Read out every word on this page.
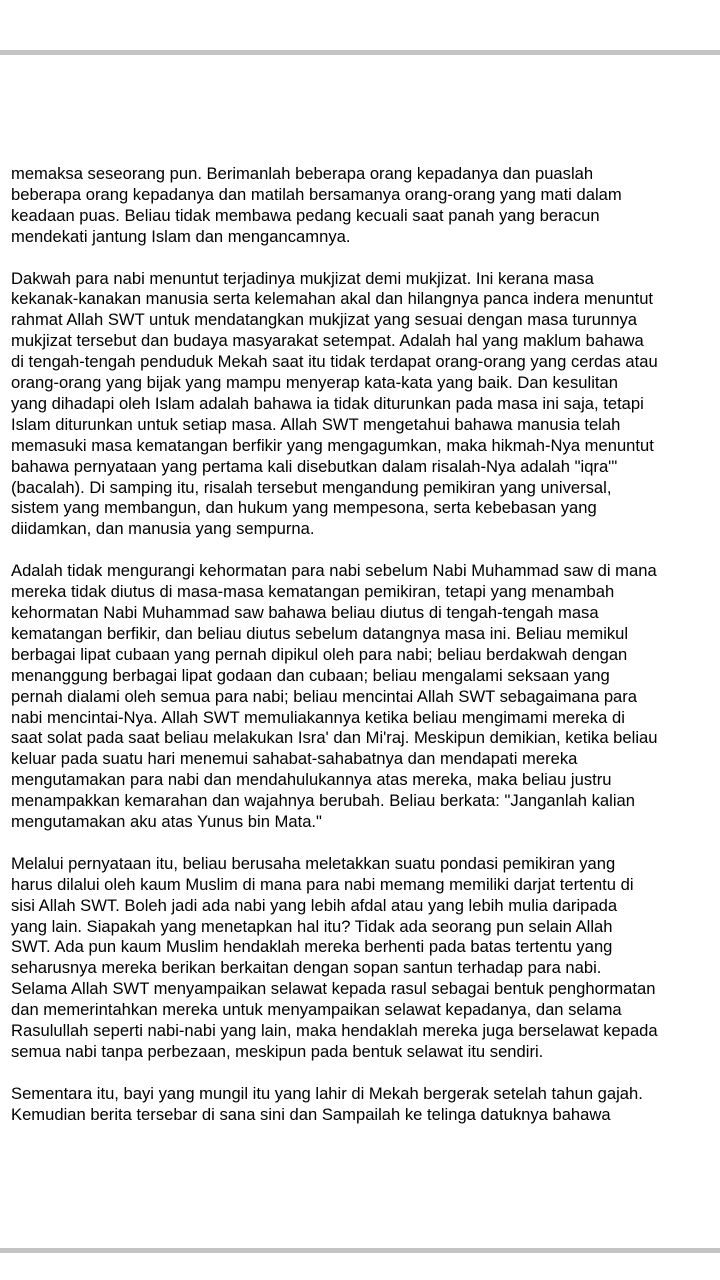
memaksa seseorang pun. Berimanlah beberapa orang kepadanya dan puaslah
beberapa orang kepadanya dan matilah bersamanya orang-orang yang mati dalam
keadaan puas. Beliau tidak membawa pedang kecuali saat panah yang beracun
mendekati jantung Islam dan mengancamnya.

Dakwah para nabi menuntut terjadinya mukjizat demi mukjizat. Ini kerana masa
kekanak-kanakan manusia serta kelemahan akal dan hilangnya panca indera menuntut
rahmat Allah SWT untuk mendatangkan mukjizat yang sesuai dengan masa turunnya
mukjizat tersebut dan budaya masyarakat setempat. Adalah hal yang maklum bahawa
di tengah-tengah penduduk Mekah saat itu tidak terdapat orang-orang yang cerdas atau
orang-orang yang bijak yang mampu menyerap kata-kata yang baik. Dan kesulitan
yang dihadapi oleh Islam adalah bahawa ia tidak diturunkan pada masa ini saja, tetapi
Islam diturunkan untuk setiap masa. Allah SWT mengetahui bahawa manusia telah
memasuki masa kematangan berfikir yang mengagumkan, maka hikmah-Nya menuntut
bahawa pernyataan yang pertama kali disebutkan dalam risalah-Nya adalah "iqra'"
(bacalah). Di samping itu, risalah tersebut mengandung pemikiran yang universal,
sistem yang membangun, dan hukum yang mempesona, serta kebebasan yang
diidamkan, dan manusia yang sempurna.

Adalah tidak mengurangi kehormatan para nabi sebelum Nabi Muhammad saw di mana
mereka tidak diutus di masa-masa kematangan pemikiran, tetapi yang menambah
kehormatan Nabi Muhammad saw bahawa beliau diutus di tengah-tengah masa
kematangan berfikir, dan beliau diutus sebelum datangnya masa ini. Beliau memikul
berbagai lipat cubaan yang pernah dipikul oleh para nabi; beliau berdakwah dengan
menanggung berbagai lipat godaan dan cubaan; beliau mengalami seksaan yang
pernah dialami oleh semua para nabi; beliau mencintai Allah SWT sebagaimana para
nabi mencintai-Nya. Allah SWT memuliakannya ketika beliau mengimami mereka di
saat solat pada saat beliau melakukan Isra' dan Mi'raj. Meskipun demikian, ketika beliau
keluar pada suatu hari menemui sahabat-sahabatnya dan mendapati mereka
mengutamakan para nabi dan mendahulukannya atas mereka, maka beliau justru
menampakkan kemarahan dan wajahnya berubah. Beliau berkata: "Janganlah kalian
mengutamakan aku atas Yunus bin Mata."

Melalui pernyataan itu, beliau berusaha meletakkan suatu pondasi pemikiran yang
harus dilalui oleh kaum Muslim di mana para nabi memang memiliki darjat tertentu di
sisi Allah SWT. Boleh jadi ada nabi yang lebih afdal atau yang lebih mulia daripada
yang lain. Siapakah yang menetapkan hal itu? Tidak ada seorang pun selain Allah
SWT. Ada pun kaum Muslim hendaklah mereka berhenti pada batas tertentu yang
seharusnya mereka berikan berkaitan dengan sopan santun terhadap para nabi.
Selama Allah SWT menyampaikan selawat kepada rasul sebagai bentuk penghormatan
dan memerintahkan mereka untuk menyampaikan selawat kepadanya, dan selama
Rasulullah seperti nabi-nabi yang lain, maka hendaklah mereka juga berselawat kepada
semua nabi tanpa perbezaan, meskipun pada bentuk selawat itu sendiri.

Sementara itu, bayi yang mungil itu yang lahir di Mekah bergerak setelah tahun gajah.
Kemudian berita tersebar di sana sini dan Sampailah ke telinga datuknya bahawa
